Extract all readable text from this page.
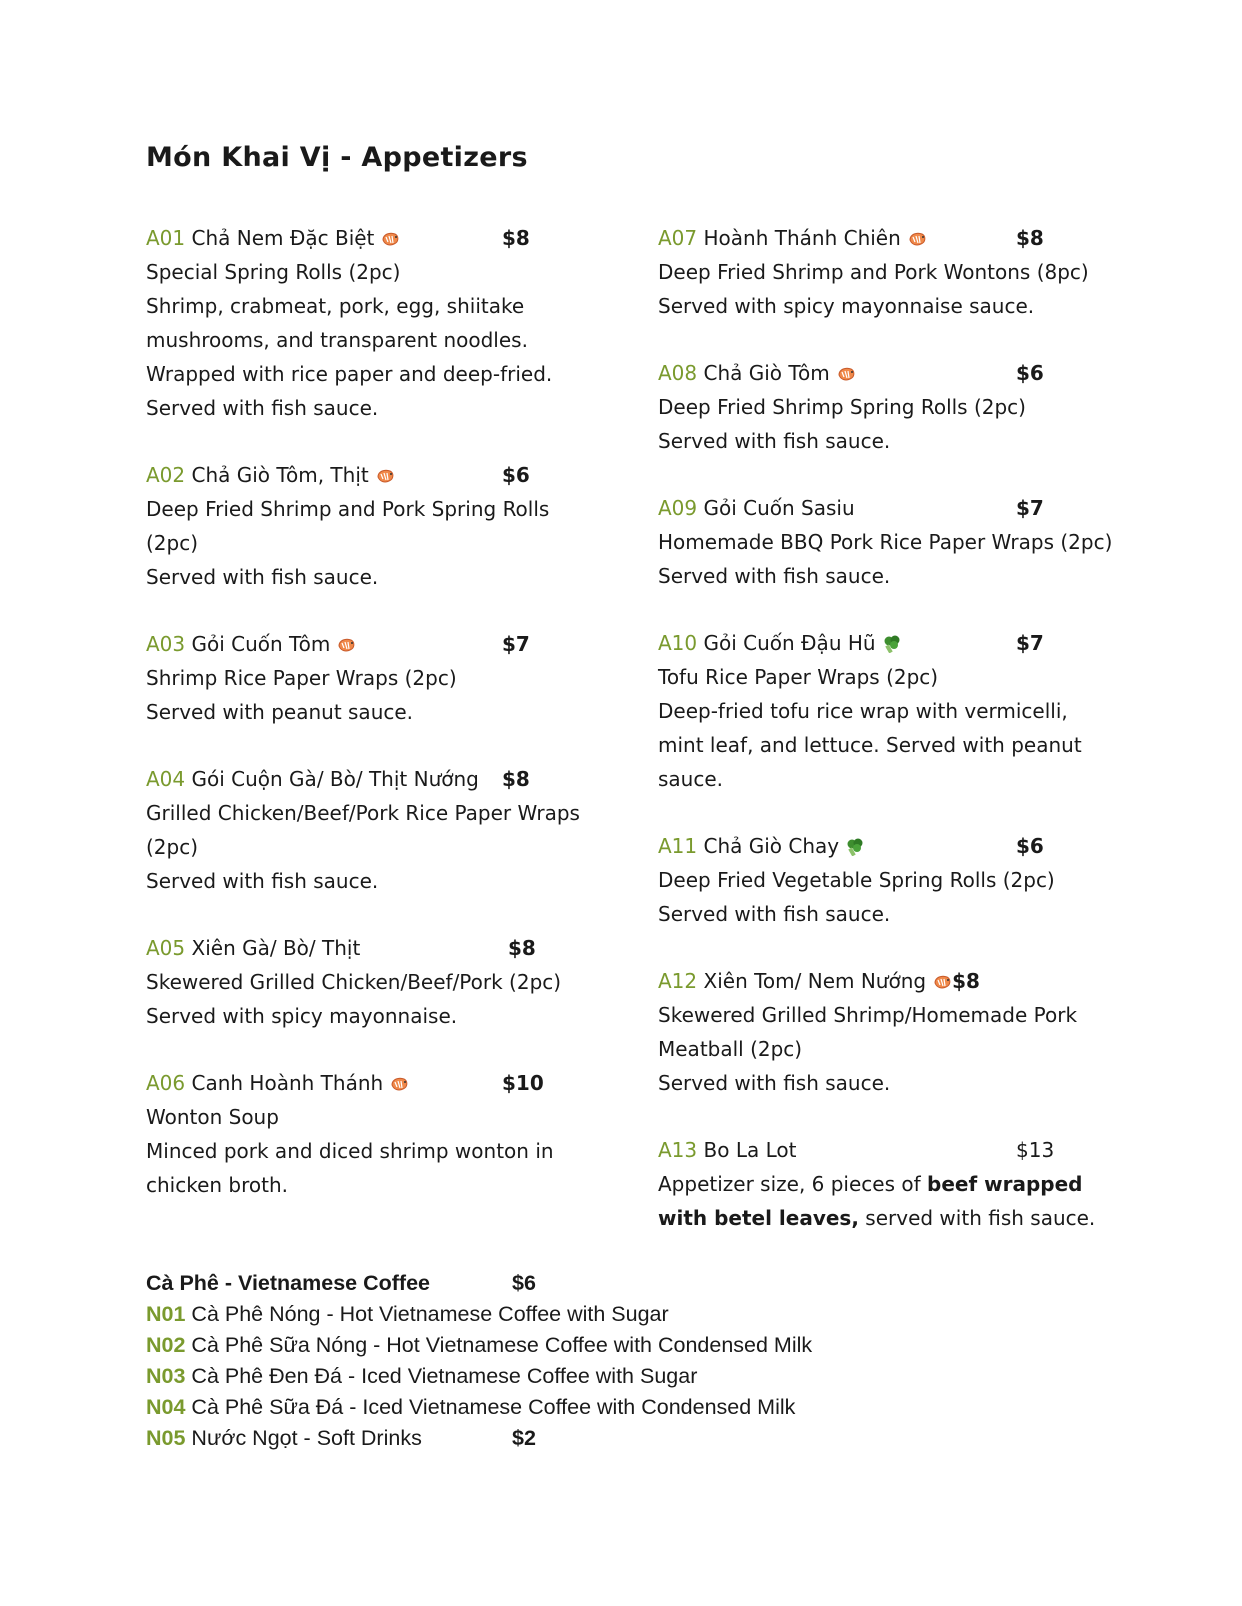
Món Khai Vị - Appetizers
A01 Chả Nem Đặc Biệt	$8
Special Spring Rolls (2pc)
Shrimp, crabmeat, pork, egg, shiitake
mushrooms, and transparent noodles.
Wrapped with rice paper and deep-fried.
Served with fish sauce.
A02 Chả Giò Tôm, Thịt	$6
Deep Fried Shrimp and Pork Spring Rolls
(2pc)
Served with fish sauce.
A03 Gỏi Cuốn Tôm	$7
Shrimp Rice Paper Wraps (2pc)
Served with peanut sauce.
A04 Gói Cuộn Gà/ Bò/ Thịt Nướng $8
Grilled Chicken/Beef/Pork Rice Paper Wraps
(2pc)
Served with fish sauce.
A05 Xiên Gà/ Bò/ Thịt	$8
Skewered Grilled Chicken/Beef/Pork (2pc)
Served with spicy mayonnaise.
A06 Canh Hoành Thánh	$10
Wonton Soup
Minced pork and diced shrimp wonton in
chicken broth.
A07 Hoành Thánh Chiên	$8
Deep Fried Shrimp and Pork Wontons (8pc)
Served with spicy mayonnaise sauce.
A08 Chả Giò Tôm	$6
Deep Fried Shrimp Spring Rolls (2pc)
Served with fish sauce.
A09 Gỏi Cuốn Sasiu	$7
Homemade BBQ Pork Rice Paper Wraps (2pc)
Served with fish sauce.
A10 Gỏi Cuốn Đậu Hũ	$7
Tofu Rice Paper Wraps (2pc)
Deep-fried tofu rice wrap with vermicelli,
mint leaf, and lettuce. Served with peanut
sauce.
A11 Chả Giò Chay	$6
Deep Fried Vegetable Spring Rolls (2pc)
Served with fish sauce.
A12 Xiên Tom/ Nem Nướng $8
Skewered Grilled Shrimp/Homemade Pork
Meatball (2pc)
Served with fish sauce.
A13 Bo La Lot	$13
Appetizer size, 6 pieces of beef wrapped
with betel leaves, served with fish sauce.
Cà Phê - Vietnamese Coffee	$6
N01 Cà Phê Nóng - Hot Vietnamese Coffee with Sugar
N02 Cà Phê Sữa Nóng - Hot Vietnamese Coffee with Condensed Milk
N03 Cà Phê Đen Đá - Iced Vietnamese Coffee with Sugar
N04 Cà Phê Sữa Đá - Iced Vietnamese Coffee with Condensed Milk
N05 Nước Ngọt - Soft Drinks	$2
